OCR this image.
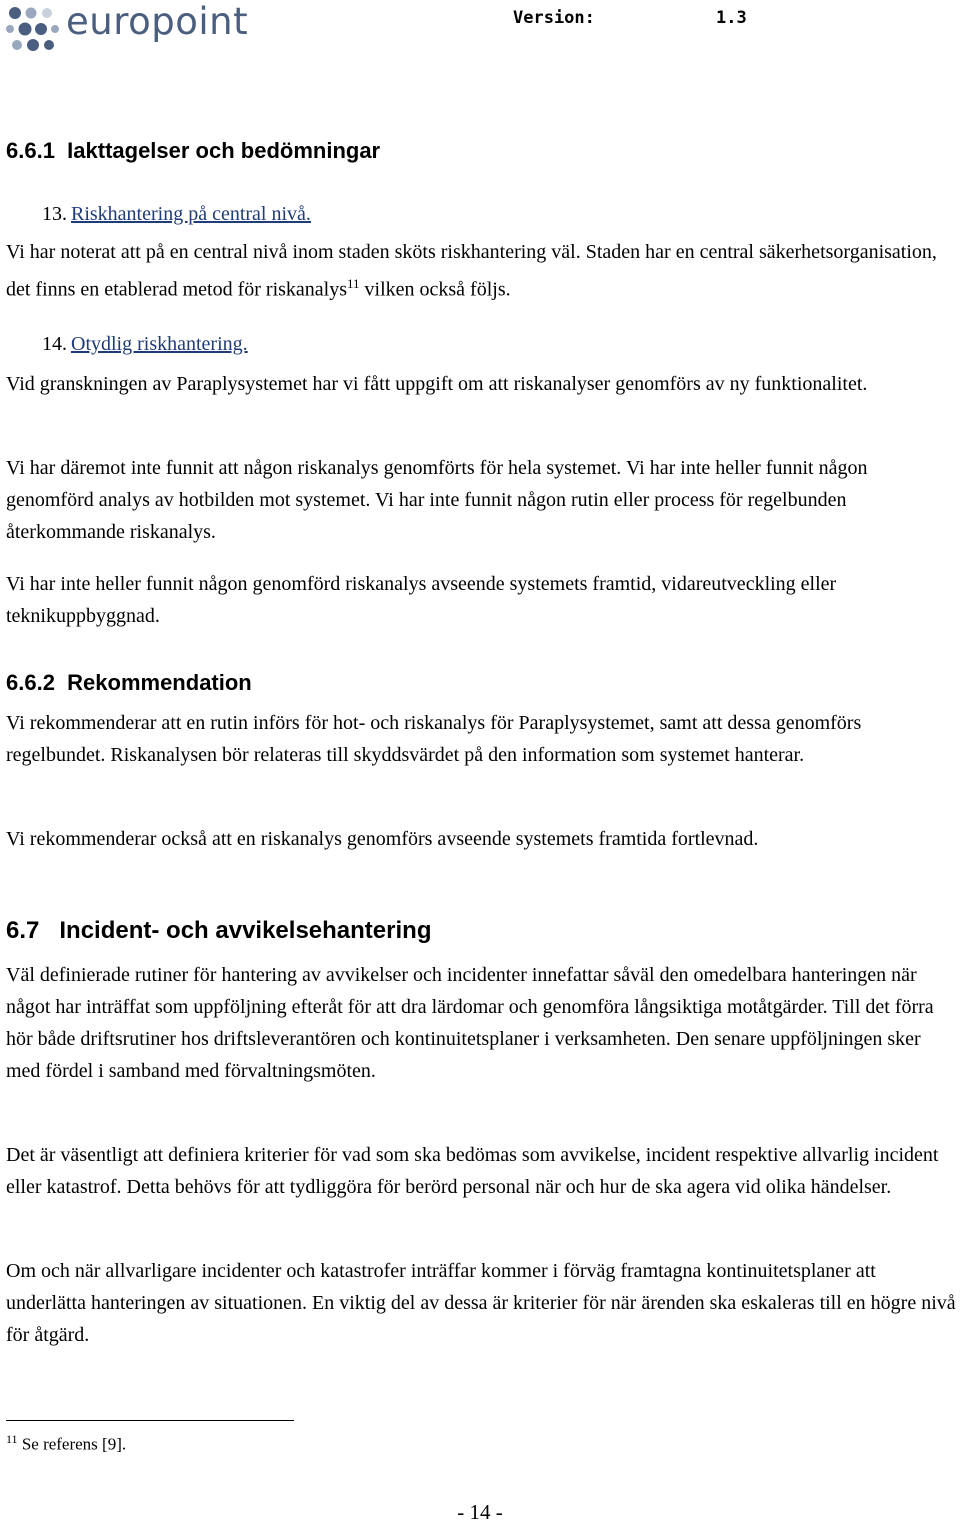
europoint	Version:	1.3
6.6.1  Iakttagelser och bedömningar
13. Riskhantering på central nivå.
Vi har noterat att på en central nivå inom staden sköts riskhantering väl. Staden har en central säkerhetsorganisation, det finns en etablerad metod för riskanalys$^{11}$ vilken också följs.
14. Otydlig riskhantering.
Vid granskningen av Paraplysystemet har vi fått uppgift om att riskanalyser genomförs av ny funktionalitet.
Vi har däremot inte funnit att någon riskanalys genomförts för hela systemet. Vi har inte heller funnit någon genomförd analys av hotbilden mot systemet. Vi har inte funnit någon rutin eller process för regelbunden återkommande riskanalys.
Vi har inte heller funnit någon genomförd riskanalys avseende systemets framtid, vidareutveckling eller teknikuppbyggnad.
6.6.2  Rekommendation
Vi rekommenderar att en rutin införs för hot- och riskanalys för Paraplysystemet, samt att dessa genomförs regelbundet. Riskanalysen bör relateras till skyddsvärdet på den information som systemet hanterar.
Vi rekommenderar också att en riskanalys genomförs avseende systemets framtida fortlevnad.
6.7   Incident- och avvikelsehantering
Väl definierade rutiner för hantering av avvikelser och incidenter innefattar såväl den omedelbara hanteringen när något har inträffat som uppföljning efteråt för att dra lärdomar och genomföra långsiktiga motåtgärder. Till det förra hör både driftsrutiner hos driftsleverantören och kontinuitetsplaner i verksamheten. Den senare uppföljningen sker med fördel i samband med förvaltningsmöten.
Det är väsentligt att definiera kriterier för vad som ska bedömas som avvikelse, incident respektive allvarlig incident eller katastrof. Detta behövs för att tydliggöra för berörd personal när och hur de ska agera vid olika händelser.
Om och när allvarligare incidenter och katastrofer inträffar kommer i förväg framtagna kontinuitetsplaner att underlätta hanteringen av situationen. En viktig del av dessa är kriterier för när ärenden ska eskaleras till en högre nivå för åtgärd.
$^{11}$ Se referens [9].
- 14 -
